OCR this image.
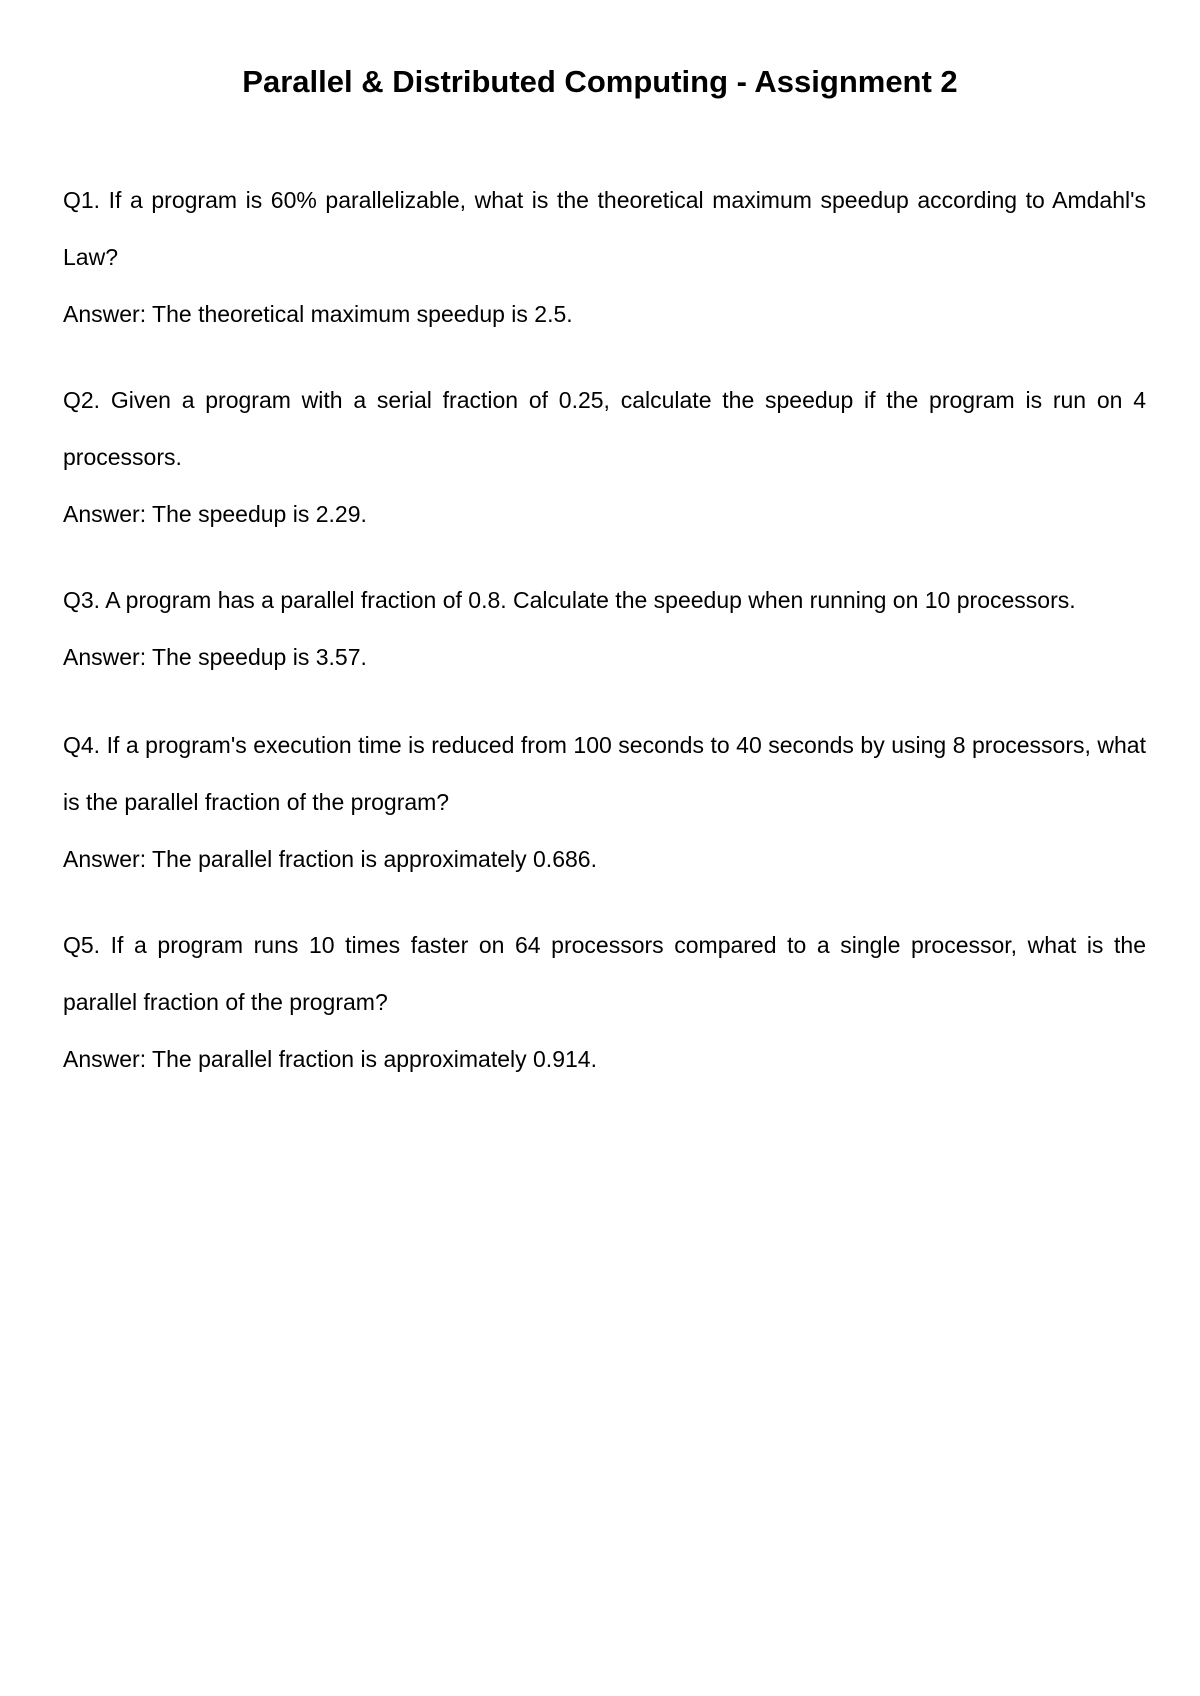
Parallel & Distributed Computing - Assignment 2

Q1. If a program is 60% parallelizable, what is the theoretical maximum speedup according to Amdahl's Law?

Answer: The theoretical maximum speedup is 2.5.

Q2. Given a program with a serial fraction of 0.25, calculate the speedup if the program is run on 4 processors.

Answer: The speedup is 2.29.

Q3. A program has a parallel fraction of 0.8. Calculate the speedup when running on 10 processors.

Answer: The speedup is 3.57.

Q4. If a program's execution time is reduced from 100 seconds to 40 seconds by using 8 processors, what is the parallel fraction of the program?

Answer: The parallel fraction is approximately 0.686.

Q5. If a program runs 10 times faster on 64 processors compared to a single processor, what is the parallel fraction of the program?

Answer: The parallel fraction is approximately 0.914.
